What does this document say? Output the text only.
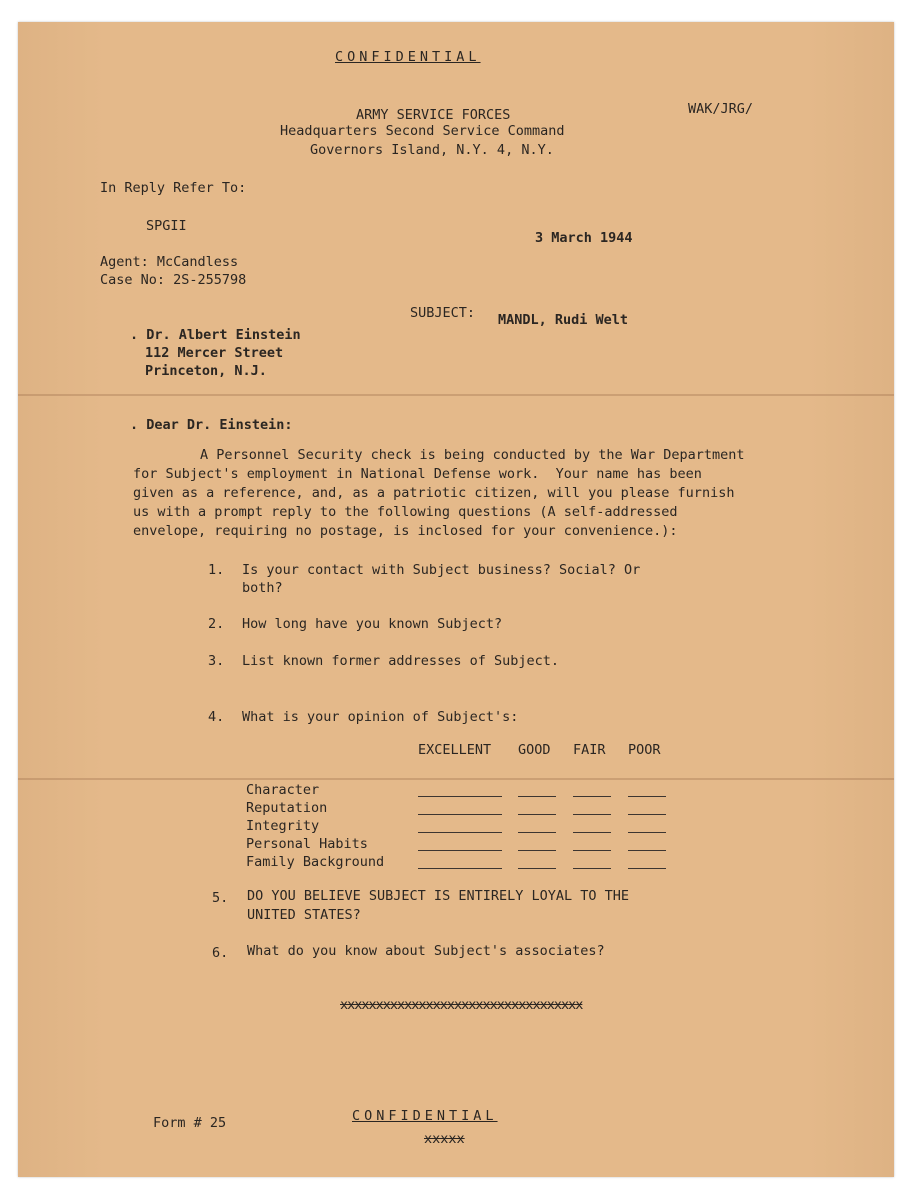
CONFIDENTIAL
ARMY SERVICE FORCES
Headquarters Second Service Command
Governors Island, N.Y. 4, N.Y.
WAK/JRG/
In Reply Refer To:
SPGII
3 March 1944
Agent: McCandless
Case No: 2S-255798
SUBJECT: MANDL, Rudi Welt
. Dr. Albert Einstein
112 Mercer Street
Princeton, N.J.
. Dear Dr. Einstein:
A Personnel Security check is being conducted by the War Department
for Subject's employment in National Defense work.  Your name has been
given as a reference, and, as a patriotic citizen, will you please furnish
us with a prompt reply to the following questions (A self-addressed
envelope, requiring no postage, is inclosed for your convenience.):
1. Is your contact with Subject business? Social? Or
both?
2. How long have you known Subject?
3. List known former addresses of Subject.
4. What is your opinion of Subject's:
EXCELLENT GOOD FAIR POOR
Character
Reputation
Integrity
Personal Habits
Family Background
5. DO YOU BELIEVE SUBJECT IS ENTIRELY LOYAL TO THE
UNITED STATES?
6. What do you know about Subject's associates?
xxxxxxxxxxxxxxxxxxxxxxxxxxxxxxxxxx
Form # 25	CONFIDENTIAL
xxxxx
